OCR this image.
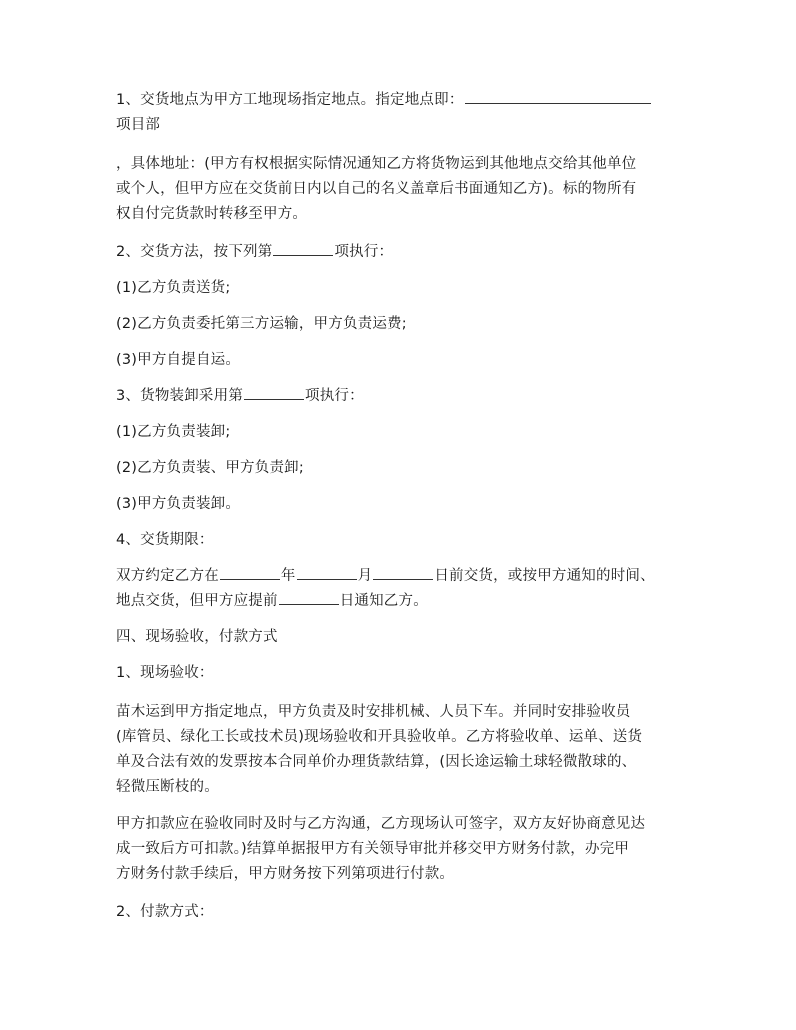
1、交货地点为甲方工地现场指定地点。指定地点即：
项目部
，具体地址：(甲方有权根据实际情况通知乙方将货物运到其他地点交给其他单位
或个人，但甲方应在交货前日内以自己的名义盖章后书面通知乙方)。标的物所有
权自付完货款时转移至甲方。
2、交货方法，按下列第	项执行：
(1)乙方负责送货;
(2)乙方负责委托第三方运输，甲方负责运费;
(3)甲方自提自运。
3、货物装卸采用第	项执行：
(1)乙方负责装卸;
(2)乙方负责装、甲方负责卸;
(3)甲方负责装卸。
4、交货期限：
双方约定乙方在	年	月	日前交货，或按甲方通知的时间、
地点交货，但甲方应提前	日通知乙方。
四、现场验收，付款方式
1、现场验收：
苗木运到甲方指定地点，甲方负责及时安排机械、人员下车。并同时安排验收员
(库管员、绿化工长或技术员)现场验收和开具验收单。乙方将验收单、运单、送货
单及合法有效的发票按本合同单价办理货款结算，(因长途运输土球轻微散球的、
轻微压断枝的。
甲方扣款应在验收同时及时与乙方沟通，乙方现场认可签字，双方友好协商意见达
成一致后方可扣款。)结算单据报甲方有关领导审批并移交甲方财务付款，办完甲
方财务付款手续后，甲方财务按下列第项进行付款。
2、付款方式：
